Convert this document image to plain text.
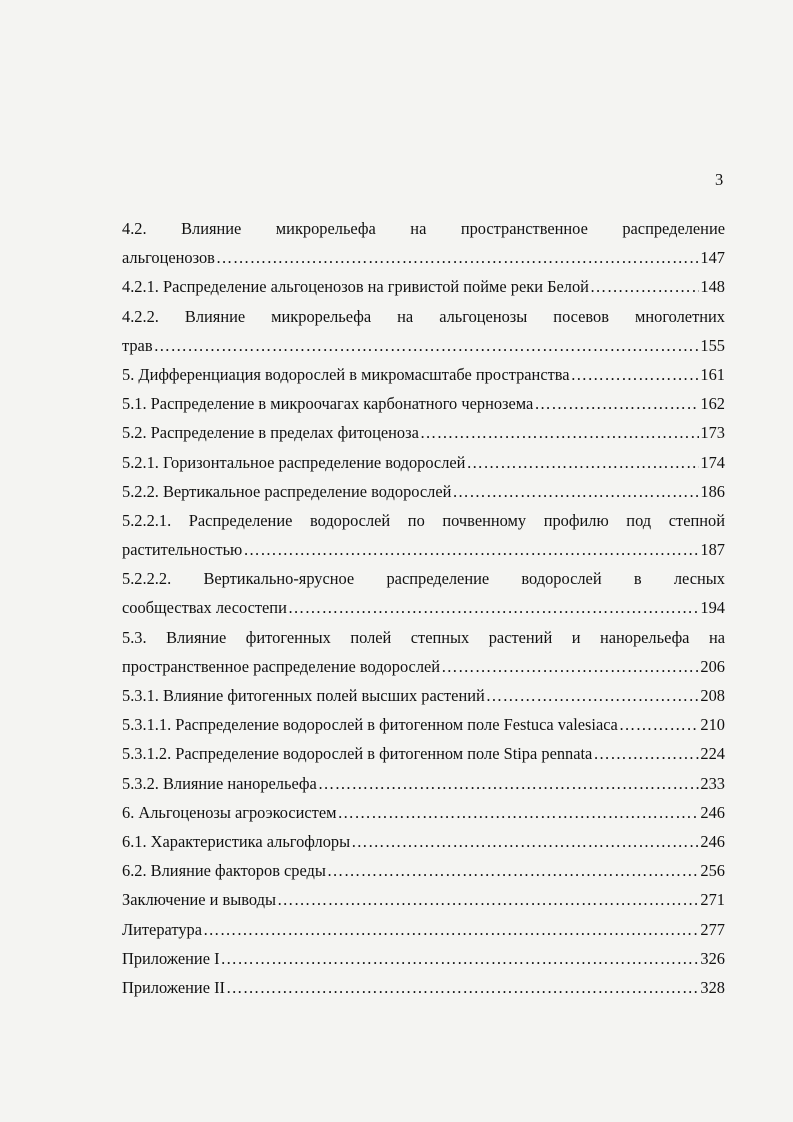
3
4.2. Влияние микрорельефа на пространственное распределение
альгоценозов ……………………………………………………………………………………………………………………………………………………	147
4.2.1. Распределение альгоценозов на гривистой пойме реки Белой ……………………………………………………………………………………………………………………………………………………	148
4.2.2. Влияние микрорельефа на альгоценозы посевов многолетних
трав ……………………………………………………………………………………………………………………………………………………	155
5. Дифференциация водорослей в микромасштабе пространства ……………………………………………………………………………………………………………………………………………………	161
5.1. Распределение в микроочагах карбонатного чернозема ……………………………………………………………………………………………………………………………………………………	162
5.2. Распределение в пределах фитоценоза ……………………………………………………………………………………………………………………………………………………	173
5.2.1. Горизонтальное распределение водорослей ……………………………………………………………………………………………………………………………………………………	174
5.2.2. Вертикальное распределение водорослей ……………………………………………………………………………………………………………………………………………………	186
5.2.2.1. Распределение водорослей по почвенному профилю под степной
растительностью ……………………………………………………………………………………………………………………………………………………	187
5.2.2.2. Вертикально-ярусное распределение водорослей в лесных
сообществах лесостепи ……………………………………………………………………………………………………………………………………………………	194
5.3. Влияние фитогенных полей степных растений и нанорельефа на
пространственное распределение водорослей ……………………………………………………………………………………………………………………………………………………	206
5.3.1. Влияние фитогенных полей высших растений ……………………………………………………………………………………………………………………………………………………	208
5.3.1.1. Распределение водорослей в фитогенном поле Festuca valesiaca ……………………………………………………………………………………………………………………………………………………	210
5.3.1.2. Распределение водорослей в фитогенном поле Stipa pennata ……………………………………………………………………………………………………………………………………………………	224
5.3.2. Влияние нанорельефа ……………………………………………………………………………………………………………………………………………………	233
6. Альгоценозы агроэкосистем ……………………………………………………………………………………………………………………………………………………	246
6.1. Характеристика альгофлоры ……………………………………………………………………………………………………………………………………………………	246
6.2. Влияние факторов среды ……………………………………………………………………………………………………………………………………………………	256
Заключение и выводы ……………………………………………………………………………………………………………………………………………………	271
Литература ……………………………………………………………………………………………………………………………………………………	277
Приложение I ……………………………………………………………………………………………………………………………………………………	326
Приложение II ……………………………………………………………………………………………………………………………………………………	328
